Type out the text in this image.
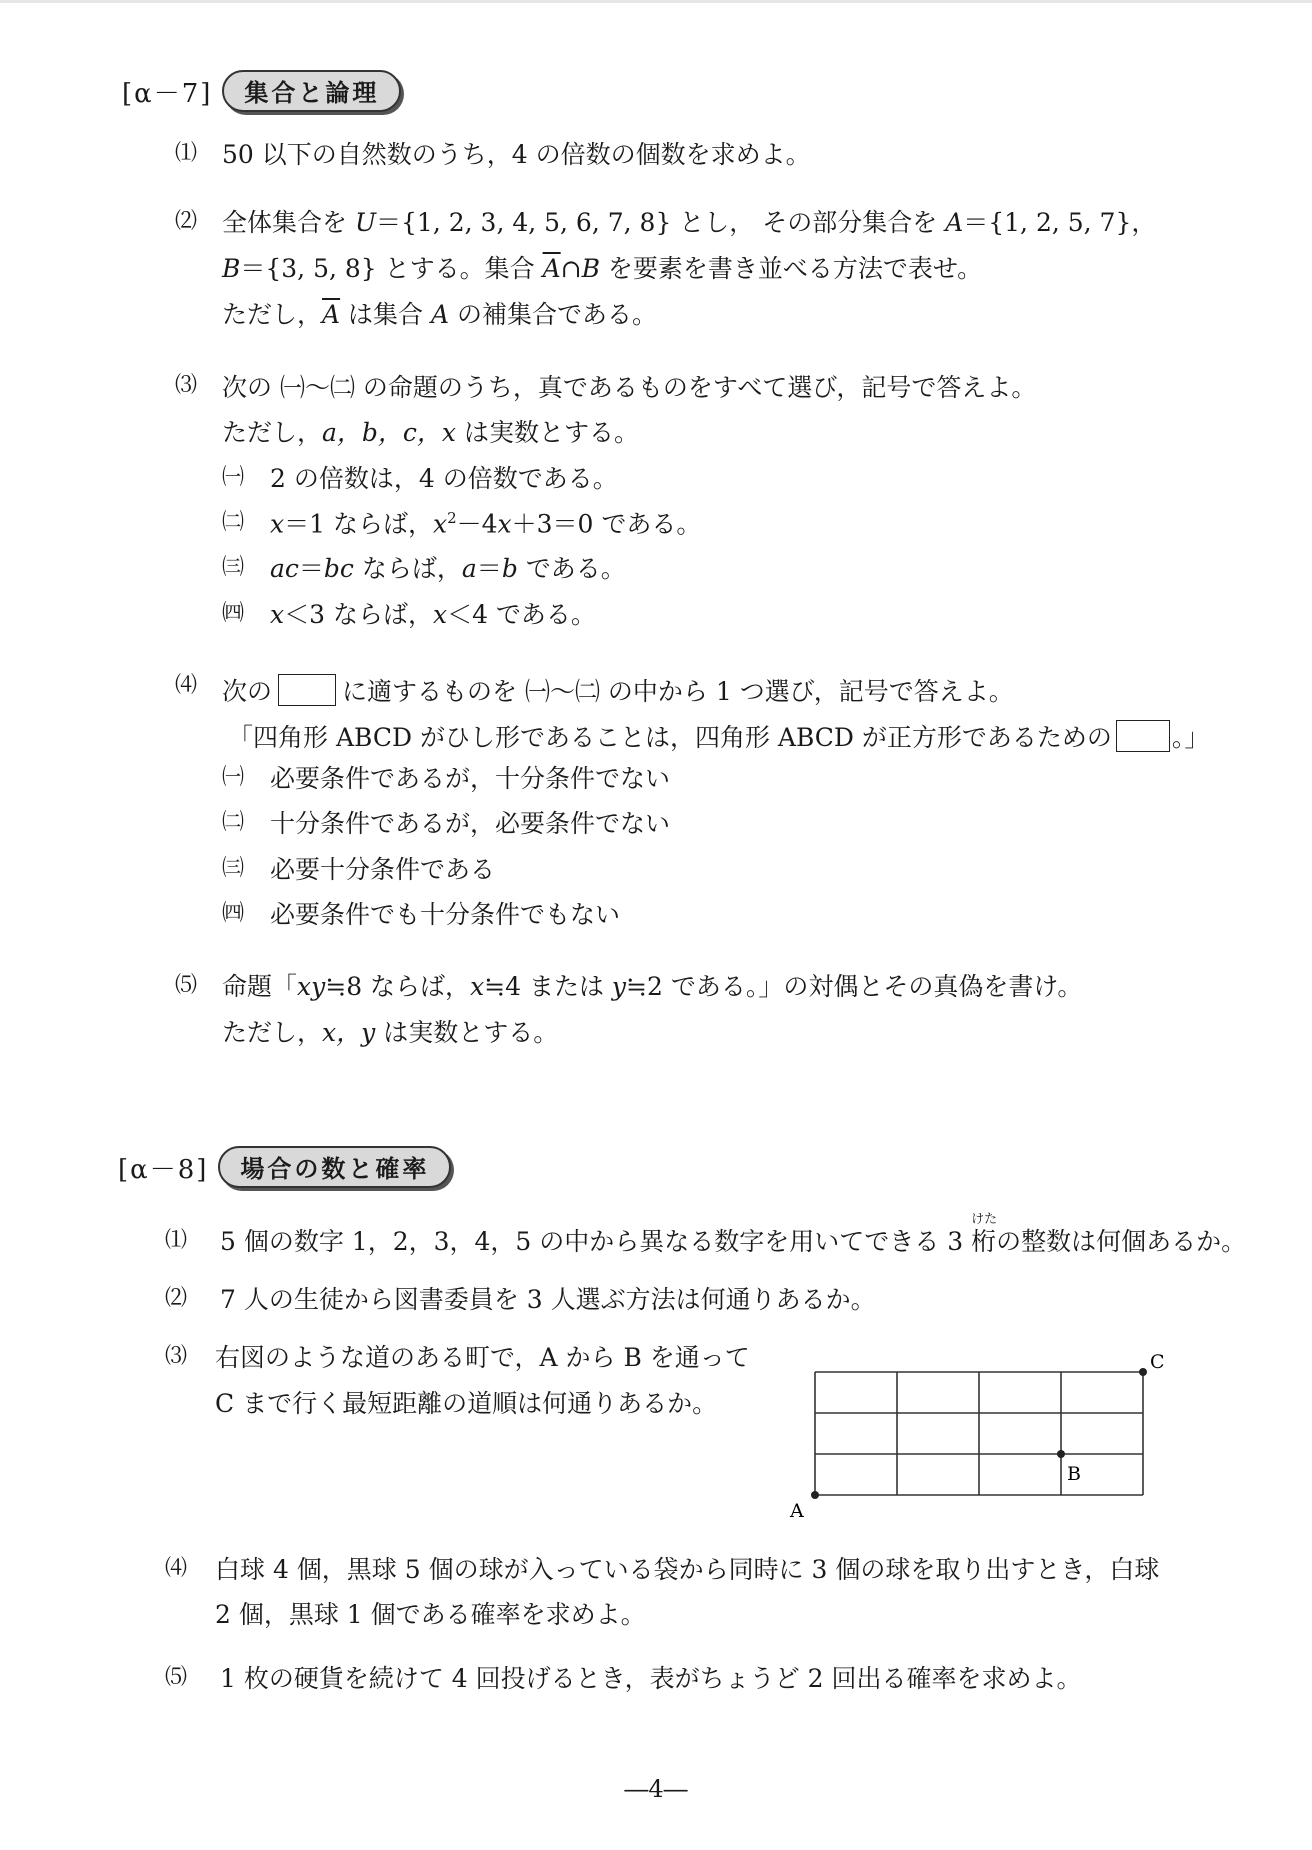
[α－7]	集合と論理
⑴ 50 以下の自然数のうち，4 の倍数の個数を求めよ。
⑵ 全体集合を U＝{1, 2, 3, 4, 5, 6, 7, 8} とし， その部分集合を A＝{1, 2, 5, 7}，
B＝{3, 5, 8} とする。集合 $\overline{A}\cap B$ を要素を書き並べる方法で表せ。
ただし，$\overline{A}$ は集合 A の補集合である。
⑶ 次の ㈠～㈡ の命題のうち，真であるものをすべて選び，記号で答えよ。
ただし，a，b，c，x は実数とする。
㈠ 2 の倍数は，4 の倍数である。
㈡ x＝1 ならば，$x^2-4x+3=0$ である。
㈢ ac＝bc ならば，a＝b である。
㈣ x＜3 ならば，x＜4 である。
⑷ 次の	に適するものを ㈠～㈡ の中から 1 つ選び，記号で答えよ。
「四角形 ABCD がひし形であることは，四角形 ABCD が正方形であるための 。」
㈠ 必要条件であるが，十分条件でない
㈡ 十分条件であるが，必要条件でない
㈢ 必要十分条件である
㈣ 必要条件でも十分条件でもない
⑸ 命題「xy≒8 ならば，x≒4 または y≒2 である。」の対偶とその真偽を書け。
ただし，x，y は実数とする。
[α－8]	場合の数と確率
⑴ 5 個の数字 1，2，3，4，5 の中から異なる数字を用いてできる 3
けた
桁の整数は何個あるか。
⑵ 7 人の生徒から図書委員を 3 人選ぶ方法は何通りあるか。
⑶ 右図のような道のある町で，A から B を通って
C まで行く最短距離の道順は何通りあるか。
A
B
C
⑷ 白球 4 個，黒球 5 個の球が入っている袋から同時に 3 個の球を取り出すとき，白球
2 個，黒球 1 個である確率を求めよ。
⑸ 1 枚の硬貨を続けて 4 回投げるとき，表がちょうど 2 回出る確率を求めよ。
―4―
